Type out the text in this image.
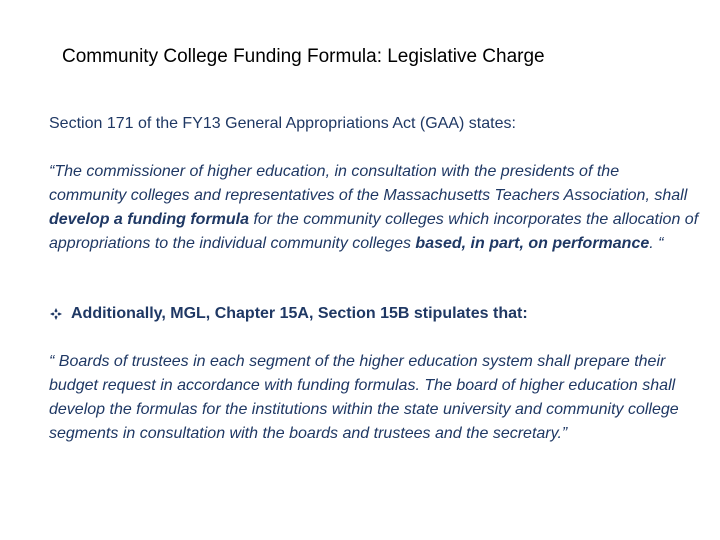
Community College Funding Formula: Legislative Charge
Section 171 of the FY13 General Appropriations Act (GAA) states:

“The commissioner of higher education, in consultation with the presidents of the community colleges and representatives of the Massachusetts Teachers Association, shall develop a funding formula for the community colleges which incorporates the allocation of appropriations to the individual community colleges based, in part, on performance. “

Additionally, MGL, Chapter 15A, Section 15B stipulates that:

“ Boards of trustees in each segment of the higher education system shall prepare their budget request in accordance with funding formulas. The board of higher education shall develop the formulas for the institutions within the state university and community college segments in consultation with the boards and trustees and the secretary.”
